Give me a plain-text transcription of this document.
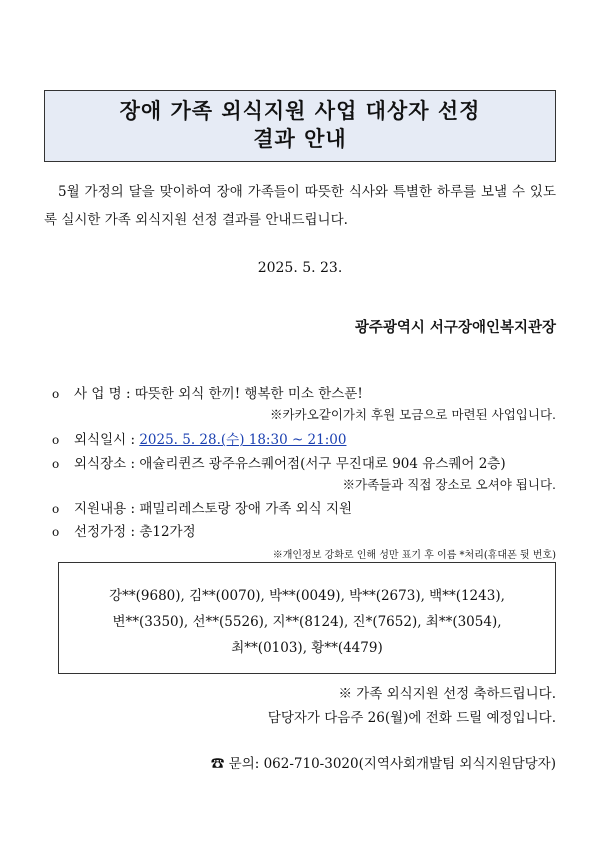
장애 가족 외식지원 사업 대상자 선정
결과 안내
5월 가정의 달을 맞이하여 장애 가족들이 따뜻한 식사와 특별한 하루를 보낼 수 있도록 실시한 가족 외식지원 선정 결과를 안내드립니다.
2025. 5. 23.
광주광역시 서구장애인복지관장
o 사 업 명 : 따뜻한 외식 한끼! 행복한 미소 한스푼!
※카카오같이가치 후원 모금으로 마련된 사업입니다.
o 외식일시 : 2025. 5. 28.(수) 18:30 ~ 21:00
o 외식장소 : 애슐리퀸즈 광주유스퀘어점(서구 무진대로 904 유스퀘어 2층)
※가족들과 직접 장소로 오셔야 됩니다.
o 지원내용 : 패밀리레스토랑 장애 가족 외식 지원
o 선정가정 : 총12가정
※개인정보 강화로 인해 성만 표기 후 이름 *처리(휴대폰 뒷 번호)
강**(9680), 김**(0070), 박**(0049), 박**(2673), 백**(1243),
변**(3350), 선**(5526), 지**(8124), 진*(7652), 최**(3054),
최**(0103), 황**(4479)
※ 가족 외식지원 선정 축하드립니다.
담당자가 다음주 26(월)에 전화 드릴 예정입니다.
☎ 문의: 062-710-3020(지역사회개발팀 외식지원담당자)
